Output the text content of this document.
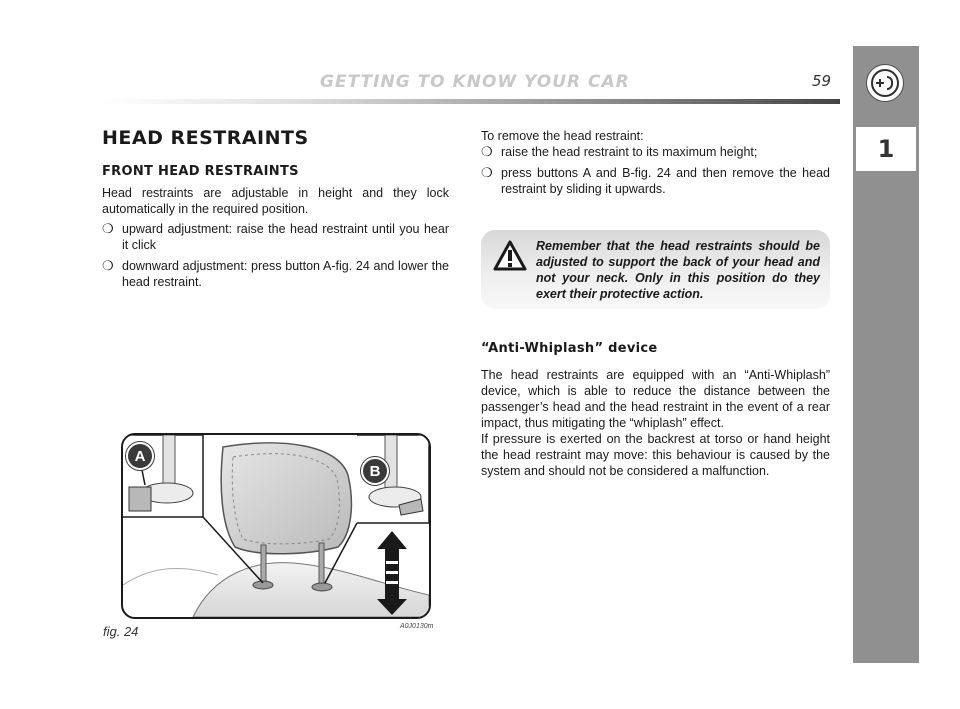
GETTING TO KNOW YOUR CAR	59
1
HEAD RESTRAINTS
FRONT HEAD RESTRAINTS
Head restraints are adjustable in height and they lock automatically in the required position.
❍ upward adjustment: raise the head restraint until you hear it click
❍ downward adjustment: press button A-fig. 24 and lower the head restraint.
To remove the head restraint:
❍ raise the head restraint to its maximum height;
❍ press buttons A and B-fig. 24 and then remove the head restraint by sliding it upwards.
Remember that the head restraints should be adjusted to support the back of your head and not your neck. Only in this position do they exert their protective action.
“Anti-Whiplash” device
The head restraints are equipped with an “Anti-Whiplash” device, which is able to reduce the distance between the passenger’s head and the head restraint in the event of a rear impact, thus mitigating the “whiplash” effect.
If pressure is exerted on the backrest at torso or hand height the head restraint may move: this behaviour is caused by the system and should not be considered a malfunction.
A
B
fig. 24	A0J0130m
